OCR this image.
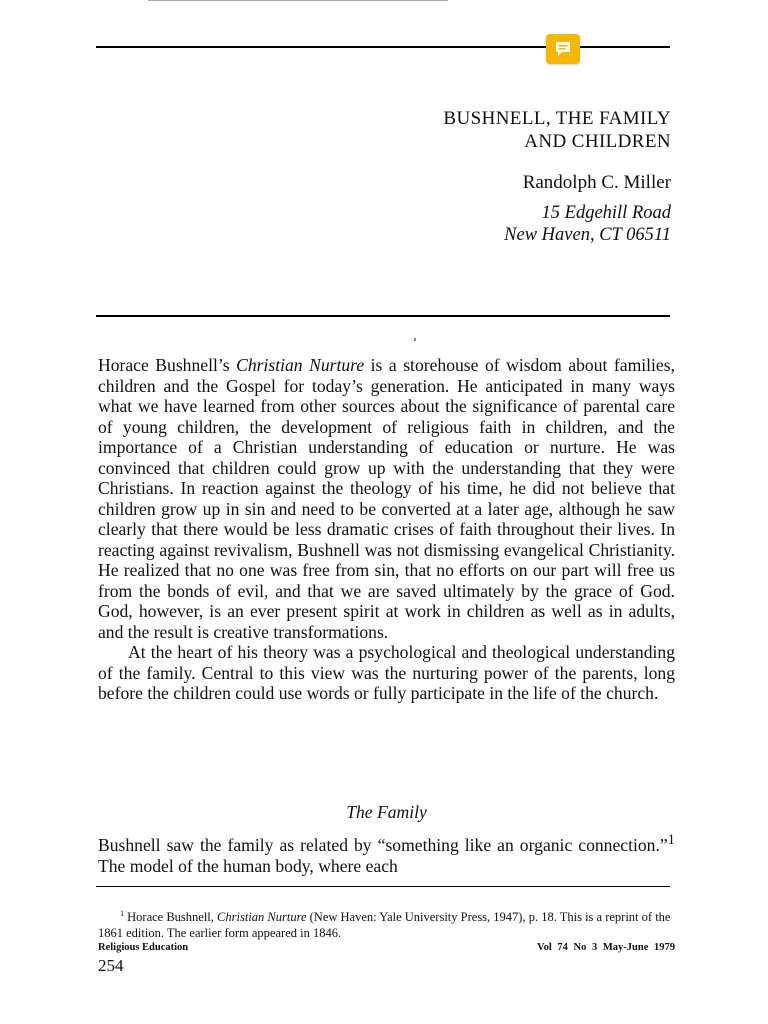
BUSHNELL, THE FAMILY

AND CHILDREN

Randolph C. Miller
15 Edgehill Road
New Haven, CT 06511

Horace Bushnell’s Christian Nurture is a storehouse of wisdom about families, children and the Gospel for today’s generation. He anticipated in many ways what we have learned from other sources about the significance of parental care of young children, the development of religious faith in children, and the importance of a Christian understanding of education or nurture. He was convinced that children could grow up with the understanding that they were Christians. In reaction against the theology of his time, he did not believe that children grow up in sin and need to be converted at a later age, although he saw clearly that there would be less dramatic crises of faith throughout their lives. In reacting against revivalism, Bushnell was not dismissing evangelical Christianity. He realized that no one was free from sin, that no efforts on our part will free us from the bonds of evil, and that we are saved ultimately by the grace of God. God, however, is an ever present spirit at work in children as well as in adults, and the result is creative transformations.

At the heart of his theory was a psychological and theological understanding of the family. Central to this view was the nurturing power of the parents, long before the children could use words or fully participate in the life of the church.

The Family

Bushnell saw the family as related by “something like an organic connection.”$^1$ The model of the human body, where each

$^1$ Horace Bushnell, Christian Nurture (New Haven: Yale University Press, 1947), p. 18. This is a reprint of the 1861 edition. The earlier form appeared in 1846.

Religious Education	Vol 74 No 3 May-June 1979
254
